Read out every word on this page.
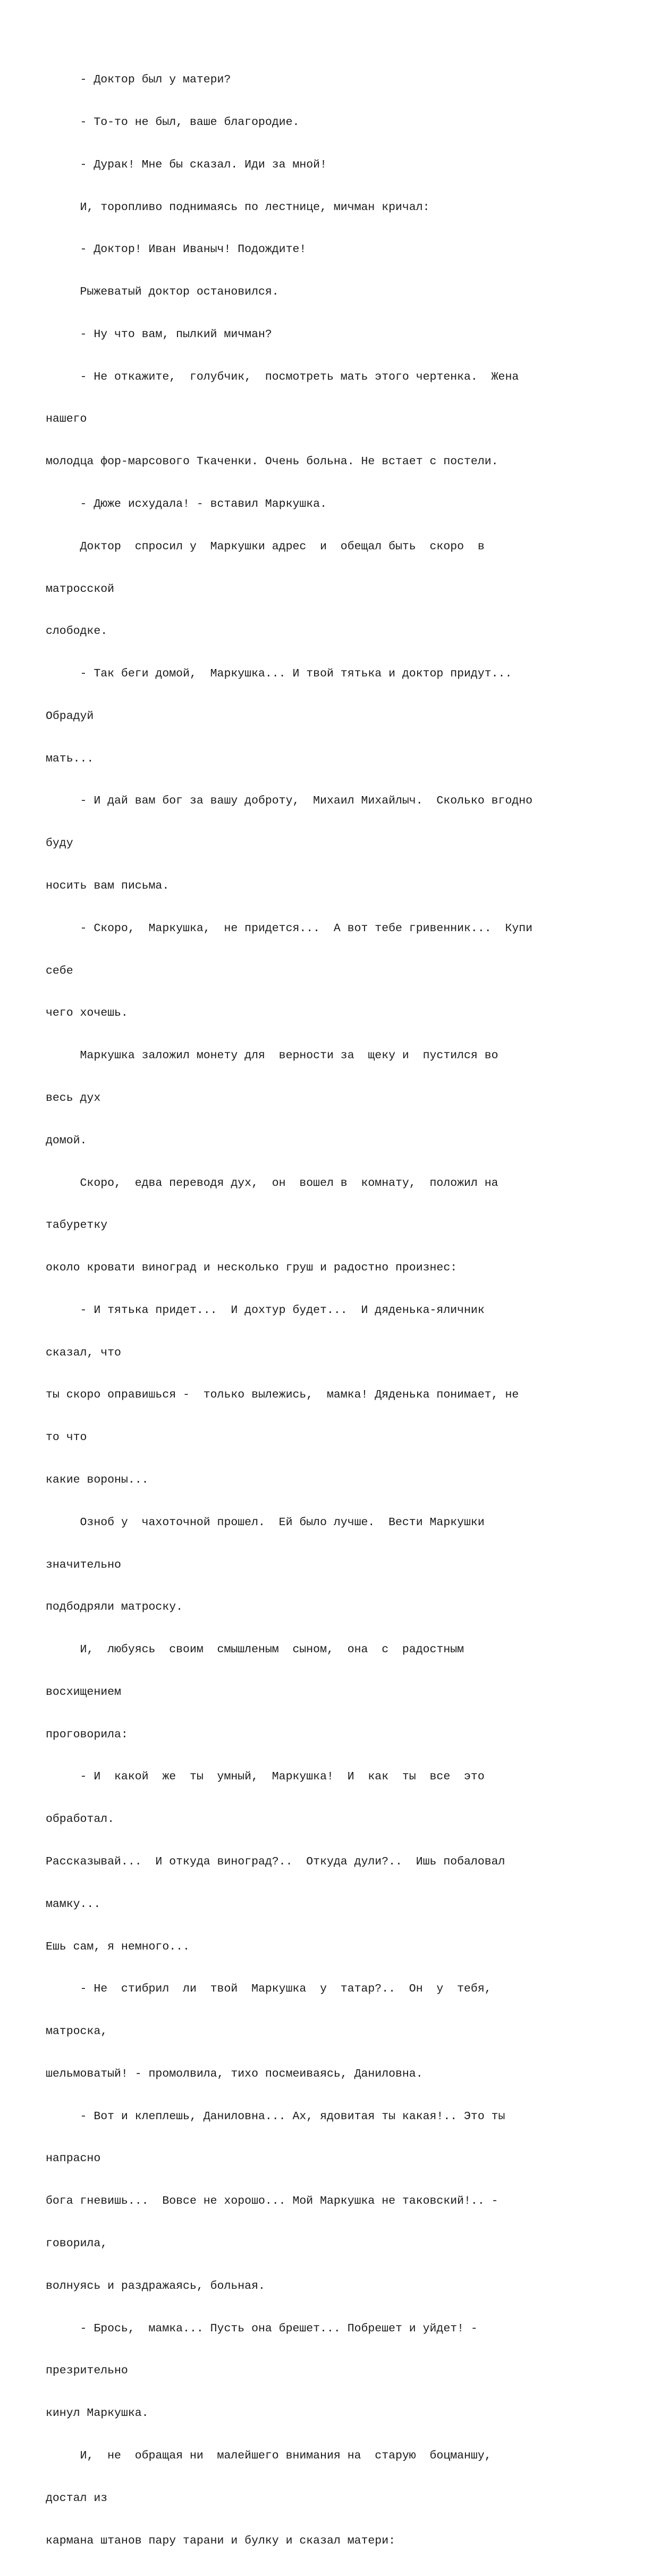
- Доктор был у матери?

- То-то не был, ваше благородие.

- Дурак! Мне бы сказал. Иди за мной!

И, торопливо поднимаясь по лестнице, мичман кричал:

- Доктор! Иван Иваныч! Подождите!

Рыжеватый доктор остановился.

- Ну что вам, пылкий мичман?

- Не откажите,  голубчик,  посмотреть мать этого чертенка.  Жена

нашего

молодца фор-марсового Ткаченки. Очень больна. Не встает с постели.

- Дюже исхудала! - вставил Маркушка.

Доктор  спросил у  Маркушки адрес  и  обещал быть  скоро  в

матросской

слободке.

- Так беги домой,  Маркушка... И твой тятька и доктор придут...

Обрадуй

мать...

- И дай вам бог за вашу доброту,  Михаил Михайлыч.  Сколько вгодно

буду

носить вам письма.

- Скоро,  Маркушка,  не придется...  А вот тебе гривенник...  Купи

себе

чего хочешь.

Маркушка заложил монету для  верности за  щеку и  пустился во

весь дух

домой.

Скоро,  едва переводя дух,  он  вошел в  комнату,  положил на

табуретку

около кровати виноград и несколько груш и радостно произнес:

- И тятька придет...  И дохтур будет...  И дяденька-яличник

сказал, что

ты скоро оправишься -  только вылежись,  мамка! Дяденька понимает, не

то что

какие вороны...

Озноб у  чахоточной прошел.  Ей было лучше.  Вести Маркушки

значительно

подбодряли матроску.

И,  любуясь  своим  смышленым  сыном,  она  с  радостным

восхищением

проговорила:

- И  какой  же  ты  умный,  Маркушка!  И  как  ты  все  это

обработал.

Рассказывай...  И откуда виноград?..  Откуда дули?..  Ишь побаловал

мамку...

Ешь сам, я немного...

- Не  стибрил  ли  твой  Маркушка  у  татар?..  Он  у  тебя,

матроска,

шельмоватый! - промолвила, тихо посмеиваясь, Даниловна.

- Вот и клеплешь, Даниловна... Ах, ядовитая ты какая!.. Это ты

напрасно

бога гневишь...  Вовсе не хорошо... Мой Маркушка не таковский!.. -

говорила,

волнуясь и раздражаясь, больная.

- Брось,  мамка... Пусть она брешет... Побрешет и уйдет! -

презрительно

кинул Маркушка.

И,  не  обращая ни  малейшего внимания на  старую  боцманшу,

достал из

кармана штанов пару тарани и булку и сказал матери:
